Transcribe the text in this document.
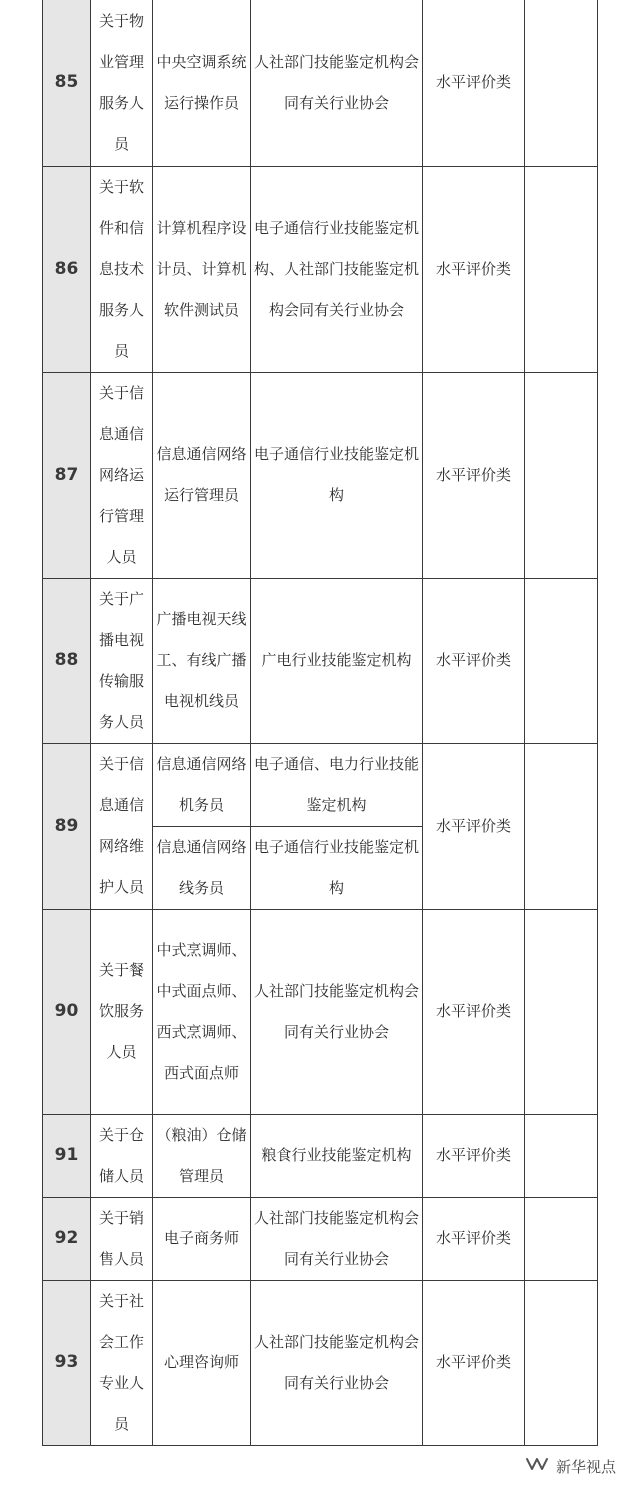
85	关于物业管理服务人员	中央空调系统运行操作员	人社部门技能鉴定机构会同有关行业协会	水平评价类	
86	关于软件和信息技术服务人员	计算机程序设计员、计算机软件测试员	电子通信行业技能鉴定机构、人社部门技能鉴定机构会同有关行业协会	水平评价类	
87	关于信息通信网络运行管理人员	信息通信网络运行管理员	电子通信行业技能鉴定机构	水平评价类	
88	关于广播电视传输服务人员	广播电视天线工、有线广播电视机线员	广电行业技能鉴定机构	水平评价类	
89	关于信息通信网络维护人员	信息通信网络机务员	电子通信、电力行业技能鉴定机构	水平评价类	
		信息通信网络线务员	电子通信行业技能鉴定机构		
90	关于餐饮服务人员	中式烹调师、中式面点师、西式烹调师、西式面点师	人社部门技能鉴定机构会同有关行业协会	水平评价类	
91	关于仓储人员	（粮油）仓储管理员	粮食行业技能鉴定机构	水平评价类	
92	关于销售人员	电子商务师	人社部门技能鉴定机构会同有关行业协会	水平评价类	
93	关于社会工作专业人员	心理咨询师	人社部门技能鉴定机构会同有关行业协会	水平评价类	
新华视点
